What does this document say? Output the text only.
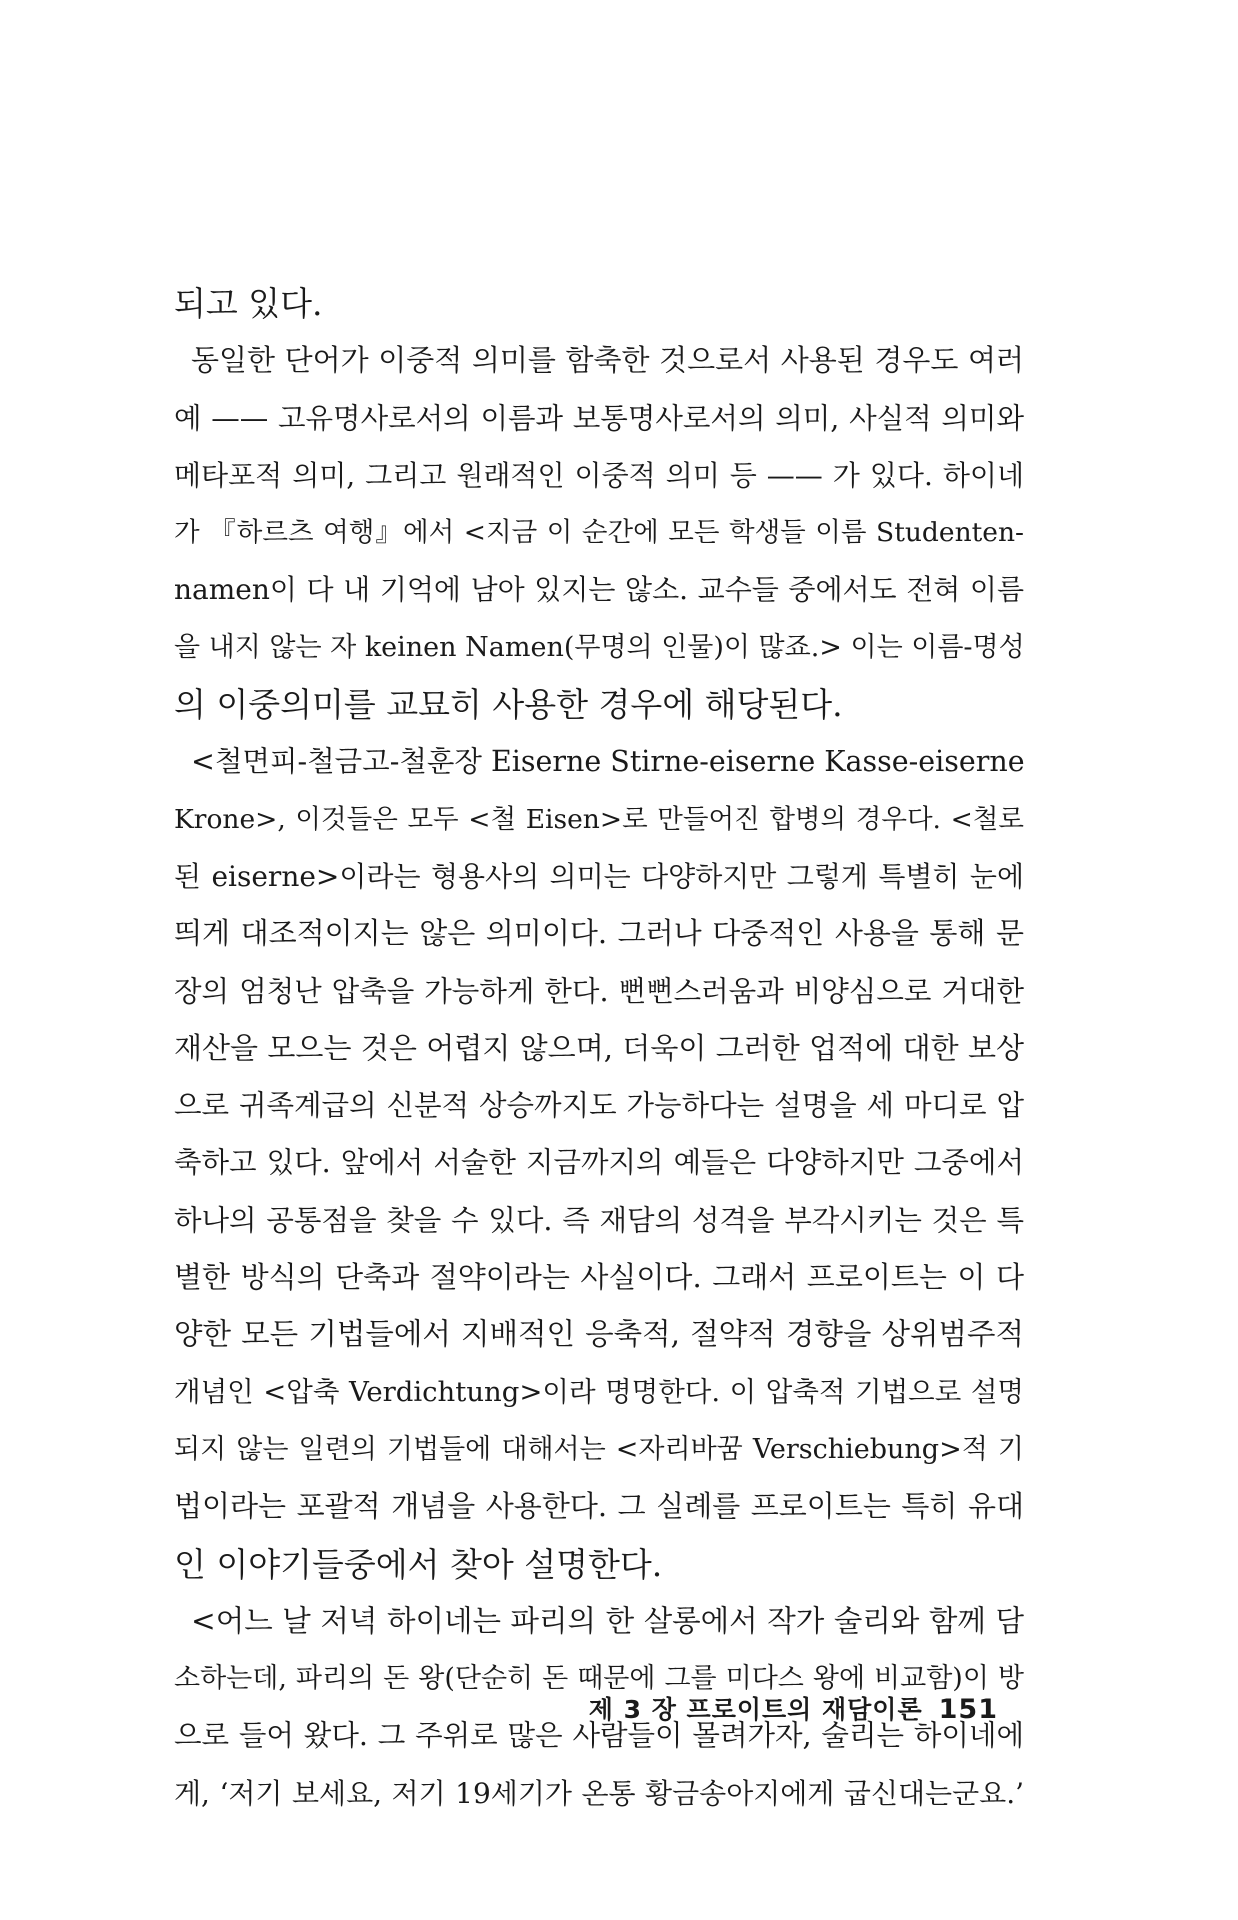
되고 있다.
동일한 단어가 이중적 의미를 함축한 것으로서 사용된 경우도 여러
예 —— 고유명사로서의 이름과 보통명사로서의 의미, 사실적 의미와
메타포적 의미, 그리고 원래적인 이중적 의미 등 —— 가 있다. 하이네
가 『하르츠 여행』에서 <지금 이 순간에 모든 학생들 이름 Studenten-
namen이 다 내 기억에 남아 있지는 않소. 교수들 중에서도 전혀 이름
을 내지 않는 자 keinen Namen(무명의 인물)이 많죠.> 이는 이름-명성
의 이중의미를 교묘히 사용한 경우에 해당된다.
<철면피-철금고-철훈장 Eiserne Stirne-eiserne Kasse-eiserne
Krone>, 이것들은 모두 <철 Eisen>로 만들어진 합병의 경우다. <철로
된 eiserne>이라는 형용사의 의미는 다양하지만 그렇게 특별히 눈에
띄게 대조적이지는 않은 의미이다. 그러나 다중적인 사용을 통해 문
장의 엄청난 압축을 가능하게 한다. 뻔뻔스러움과 비양심으로 거대한
재산을 모으는 것은 어렵지 않으며, 더욱이 그러한 업적에 대한 보상
으로 귀족계급의 신분적 상승까지도 가능하다는 설명을 세 마디로 압
축하고 있다. 앞에서 서술한 지금까지의 예들은 다양하지만 그중에서
하나의 공통점을 찾을 수 있다. 즉 재담의 성격을 부각시키는 것은 특
별한 방식의 단축과 절약이라는 사실이다. 그래서 프로이트는 이 다
양한 모든 기법들에서 지배적인 응축적, 절약적 경향을 상위범주적
개념인 <압축 Verdichtung>이라 명명한다. 이 압축적 기법으로 설명
되지 않는 일련의 기법들에 대해서는 <자리바꿈 Verschiebung>적 기
법이라는 포괄적 개념을 사용한다. 그 실례를 프로이트는 특히 유대
인 이야기들중에서 찾아 설명한다.
<어느 날 저녁 하이네는 파리의 한 살롱에서 작가 술리와 함께 담
소하는데, 파리의 돈 왕(단순히 돈 때문에 그를 미다스 왕에 비교함)이 방
으로 들어 왔다. 그 주위로 많은 사람들이 몰려가자, 술리는 하이네에
게, ‘저기 보세요, 저기 19세기가 온통 황금송아지에게 굽신대는군요.’
제 3 장 프로이트의 재담이론 151
